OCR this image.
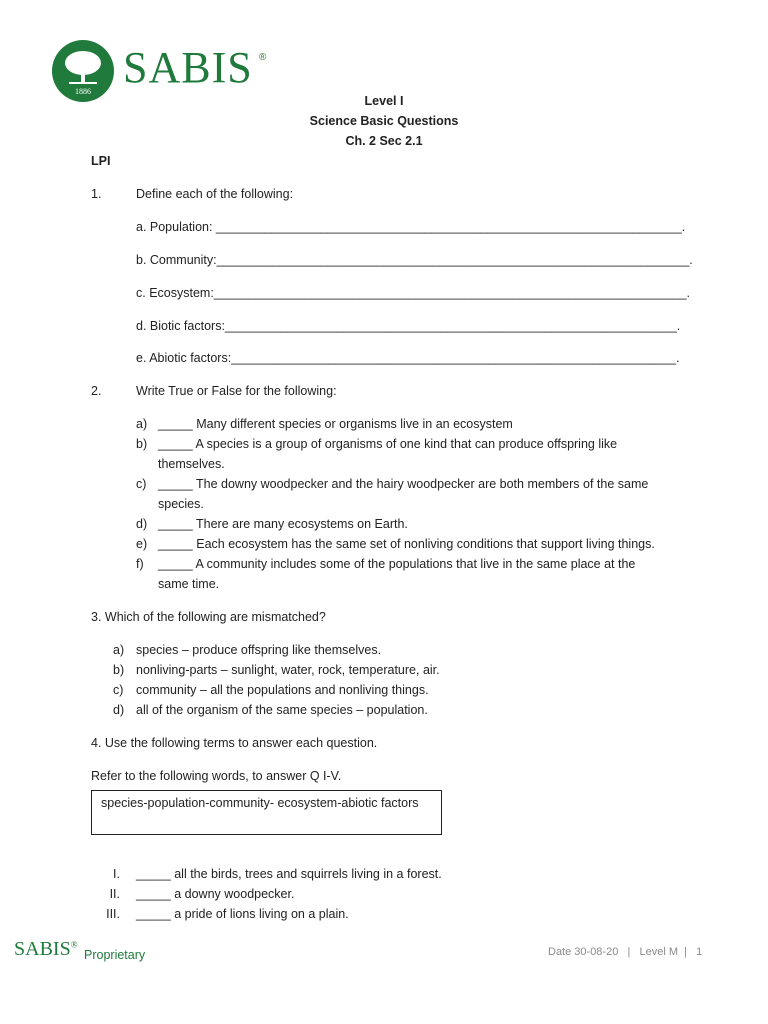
1886 SABIS ®
Level I
Science Basic Questions
Ch. 2 Sec 2.1
LPI
1.	Define each of the following:
a. Population: ___________________________________________________________________.
b. Community:____________________________________________________________________.
c. Ecosystem:____________________________________________________________________.
d. Biotic factors:_________________________________________________________________.
e. Abiotic factors:________________________________________________________________.
2.	Write True or False for the following:
a) _____ Many different species or organisms live in an ecosystem
b) _____ A species is a group of organisms of one kind that can produce offspring like
themselves.
c) _____ The downy woodpecker and the hairy woodpecker are both members of the same
species.
d) _____ There are many ecosystems on Earth.
e) _____ Each ecosystem has the same set of nonliving conditions that support living things.
f) _____ A community includes some of the populations that live in the same place at the
same time.
3. Which of the following are mismatched?
a) species – produce offspring like themselves.
b) nonliving-parts – sunlight, water, rock, temperature, air.
c) community – all the populations and nonliving things.
d) all of the organism of the same species – population.
4. Use the following terms to answer each question.
Refer to the following words, to answer Q I-V.
species-population-community- ecosystem-abiotic factors
I. _____ all the birds, trees and squirrels living in a forest.
II. _____ a downy woodpecker.
III. _____ a pride of lions living on a plain.
SABIS®
Proprietary	Date 30-08-20   |   Level M  |   1
